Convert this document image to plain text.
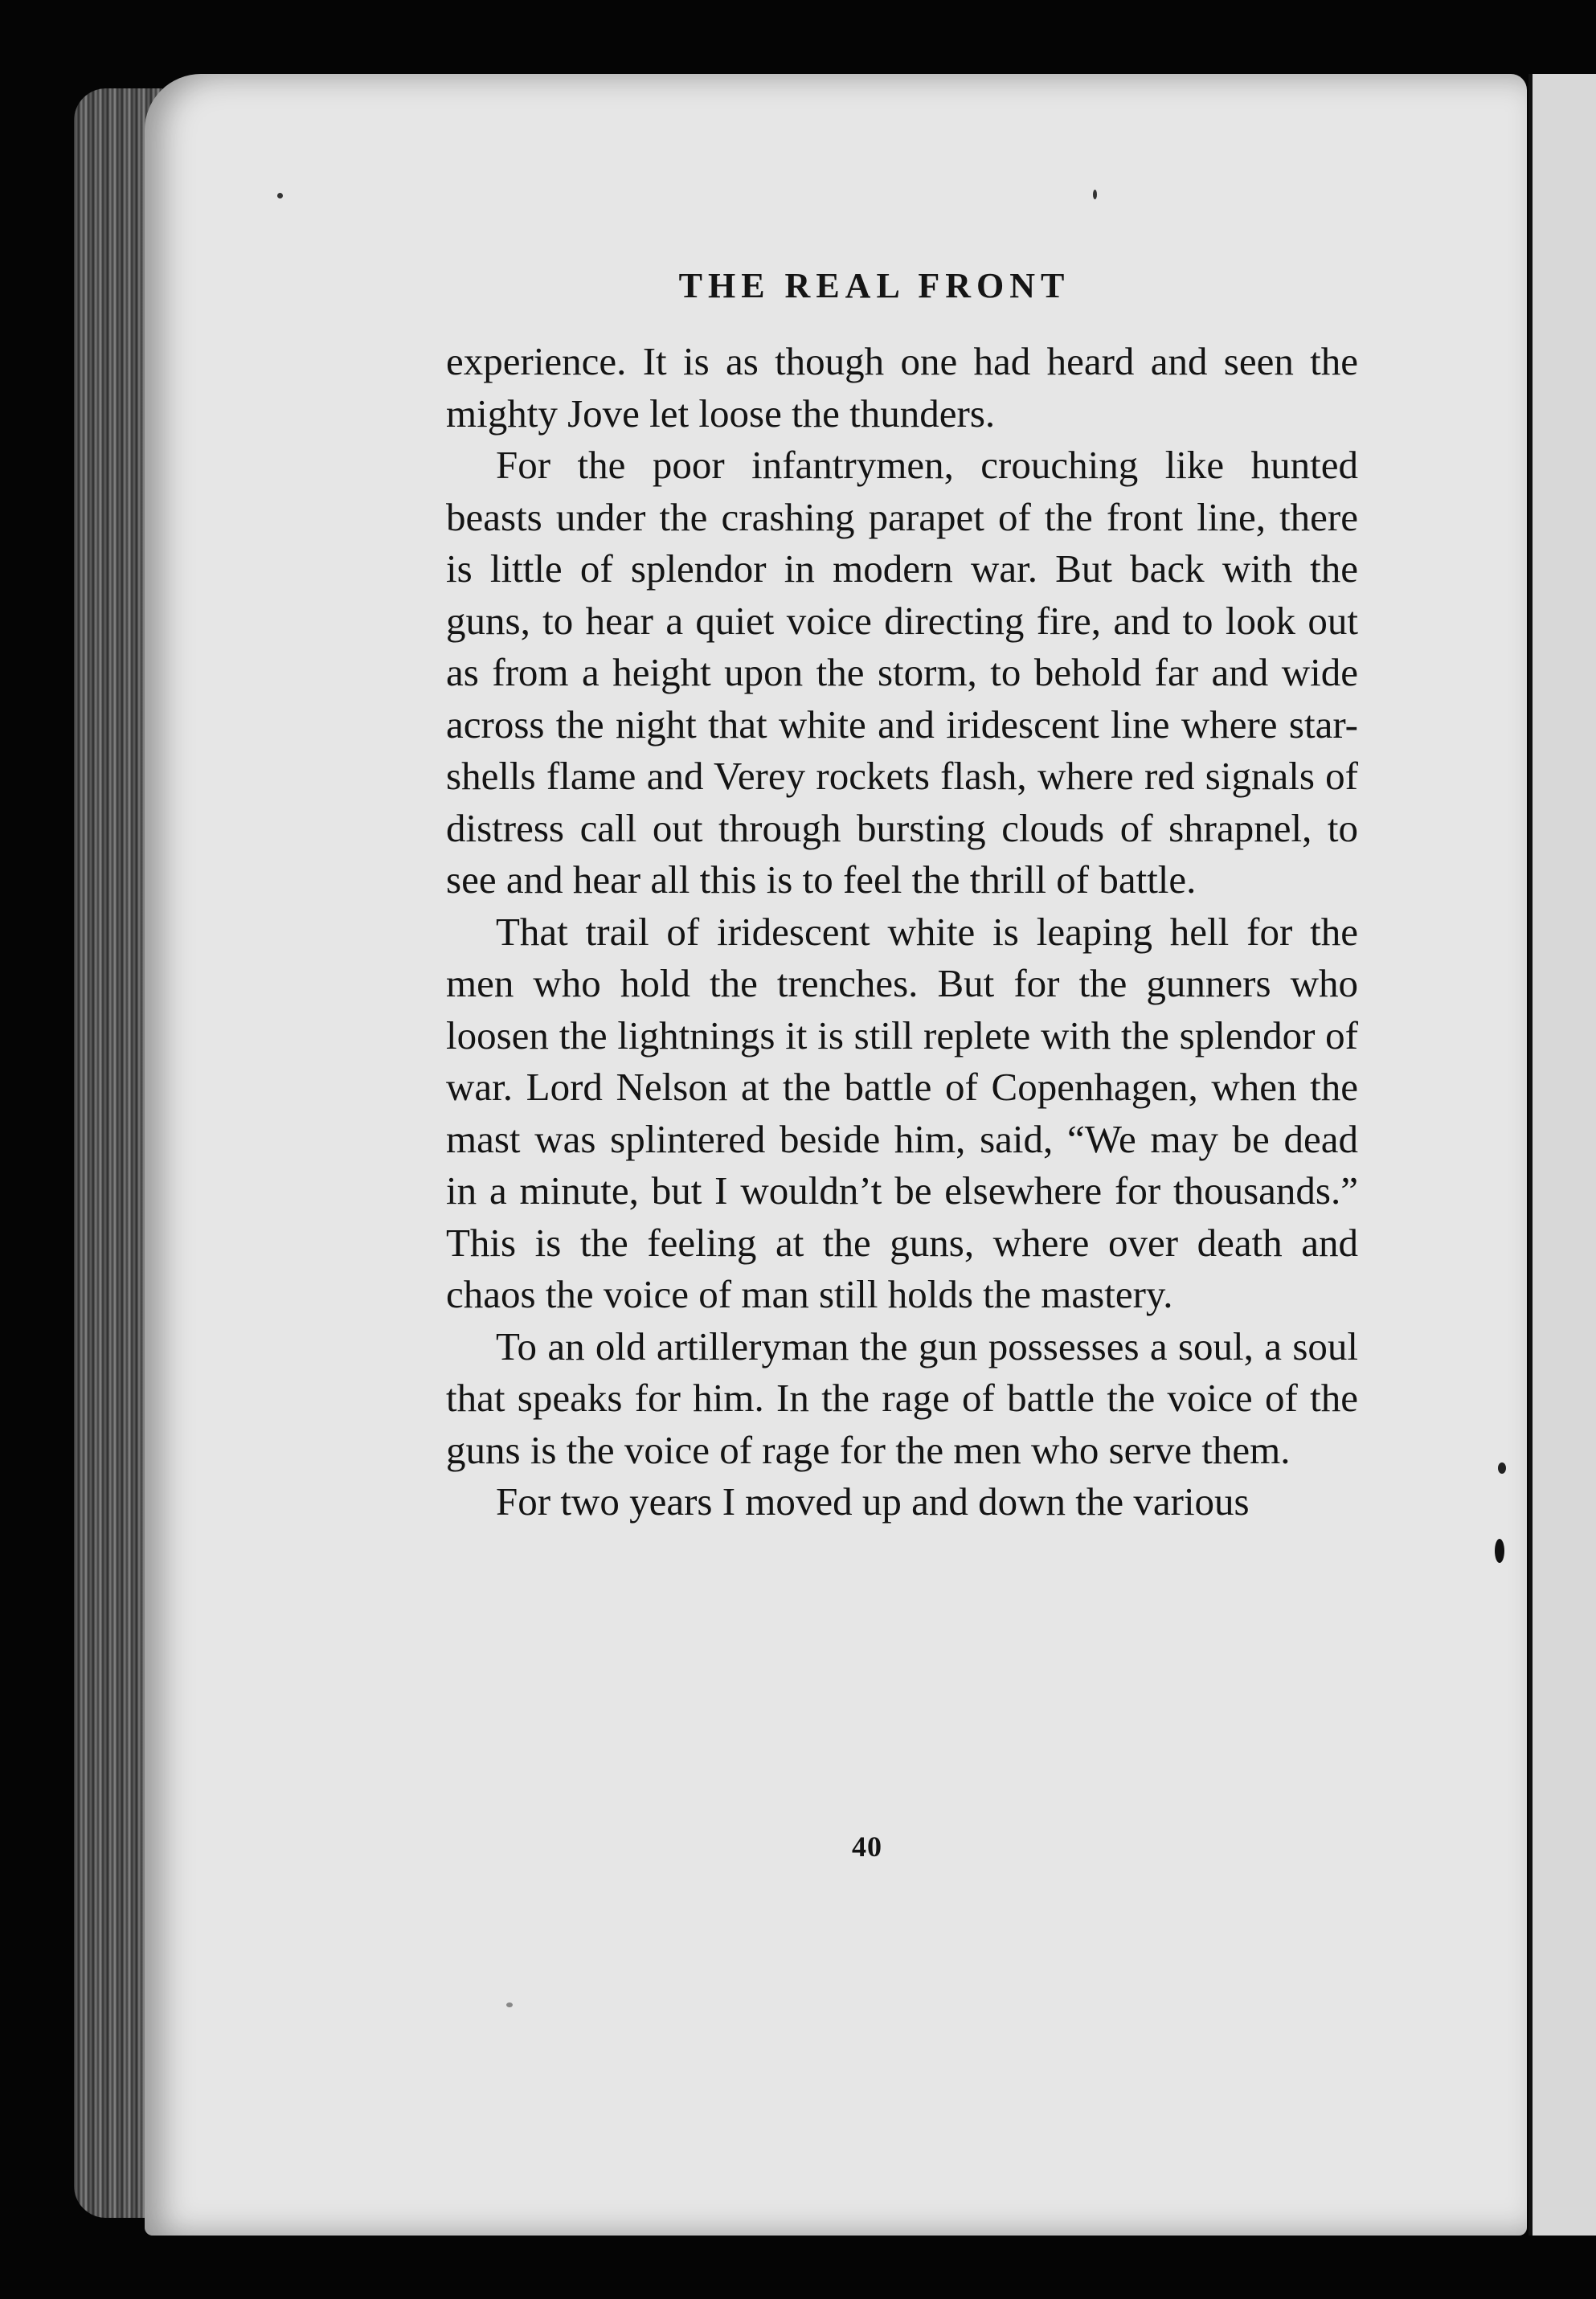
THE REAL FRONT

experience. It is as though one had heard and seen the mighty Jove let loose the thunders.

For the poor infantrymen, crouching like hunted beasts under the crashing parapet of the front line, there is little of splendor in modern war. But back with the guns, to hear a quiet voice directing fire, and to look out as from a height upon the storm, to behold far and wide across the night that white and iridescent line where star-shells flame and Verey rockets flash, where red signals of distress call out through bursting clouds of shrapnel, to see and hear all this is to feel the thrill of battle.

That trail of iridescent white is leaping hell for the men who hold the trenches. But for the gunners who loosen the lightnings it is still replete with the splendor of war. Lord Nelson at the battle of Copenhagen, when the mast was splintered beside him, said, “We may be dead in a minute, but I wouldn’t be elsewhere for thousands.” This is the feeling at the guns, where over death and chaos the voice of man still holds the mastery.

To an old artilleryman the gun possesses a soul, a soul that speaks for him. In the rage of battle the voice of the guns is the voice of rage for the men who serve them.

For two years I moved up and down the various

40
